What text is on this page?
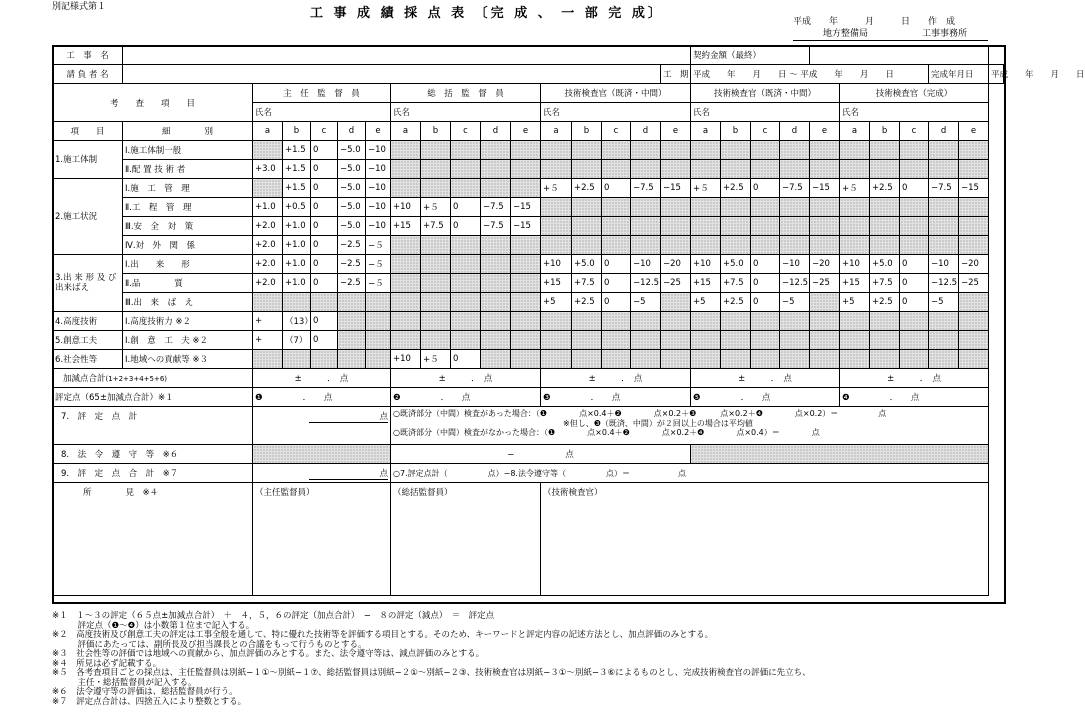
別記様式第１	工 事 成 績 採 点 表 〔完 成 、 一 部 完 成〕
平成　　年　　　月　　　日　　作　成
地方整備局　　　　　　工事事務所
工　事　名																	契約金額（最終）										
請 負 者 名																工　期	平成　　年　　月　　日 〜 平成　　年　　月　　日								完成年月日		平成　　年　　月　　日
考　　査　　項　　目		主　任　監　督　員					総　括　監　督　員					技術検査官（既済・中間）					技術検査官（既済・中間）					技術検査官（完成）					
		氏名					氏名					氏名					氏名					氏名					
項　　目	細　　　　別	a	b	c	d	e	a	b	c	d	e	a	b	c	d	e	a	b	c	d	e	a	b	c	d	e	
1.施工体制	Ⅰ.施工体制一般		+1.5	0	−5.0	−10																					
	Ⅱ.配 置 技 術 者	+3.0	+1.5	0	−5.0	−10																					
2.施工状況	Ⅰ.施　工　管　理		+1.5	0	−5.0	−10						+５	+2.5	0	−7.5	−15	+５	+2.5	0	−7.5	−15	+５	+2.5	0	−7.5	−15	
	Ⅱ.工　程　管　理	+1.0	+0.5	0	−5.0	−10	+10	+５	0	−7.5	−15																
	Ⅲ.安　全　対　策	+2.0	+1.0	0	−5.0	−10	+15	+7.5	0	−7.5	−15																
	Ⅳ.対　外　関　係	+2.0	+1.0	0	−2.5	−５																					
3.出 来 形 及 び 出来ばえ	Ⅰ.出　　来　　形	+2.0	+1.0	0	−2.5	−５						+10	+5.0	0	−10	−20	+10	+5.0	0	−10	−20	+10	+5.0	0	−10	−20	
	Ⅱ.品　　　　質	+2.0	+1.0	0	−2.5	−５						+15	+7.5	0	−12.5	−25	+15	+7.5	0	−12.5	−25	+15	+7.5	0	−12.5	−25	
	Ⅲ.出　来　ば　え											+5	+2.5	0	−5		+5	+2.5	0	−5		+5	+2.5	0	−5		
4.高度技術	Ⅰ.高度技術力 ※２	+	（13）	0																							
5.創意工夫	Ⅰ.創　意　工　夫 ※２	+	（7）	0																							
6.社会性等	Ⅰ.地域への貢献等 ※３						+10	+５	0																		
加減点合計(1+2+3+4+5+6)		±　　　．　点					±　　　．　点					±　　　．　点					±　　　．　点					±　　　．　点					
評定点（65±加減点合計）※１		❶ ．　　点					❷ ．　　点					❸ ．　　点					❺ ．　　点					❹ ．　　点					
7.　評　定　点　計		点					○既済部分（中間）検査があった場合：（❶　　　　点×0.4＋❷　　　　点×0.2＋❸　　　点×0.2＋❹　　　　点×0.2）＝　　　　　点
※但し、❸（既済、中間）が２回以上の場合は平均値
○既済部分（中間）検査がなかった場合：（❶　　　　点×0.4＋❷　　　　点×0.2＋❹　　　　点×0.4）＝　　　　点																				

8.　法　令　遵　守　等　※６							−　　　　　　点																				
9.　評　定　点　合　計　※７		点					○7.評定点計（　　　　　点）−8.法令遵守等（　　　　　点）＝　　　　　　点																				
所　　　　見　※４		（主任監督員）					（総括監督員）					（技術検査官）															
※１　１〜３の評定（６５点±加減点合計）　＋　４，５，６の評定（加点合計）　−　８の評定（減点）　＝　評定点
　　　評定点（❶〜❹）は小数第１位まで記入する。
※２　高度技術及び創意工夫の評定は工事全般を通して、特に優れた技術等を評価する項目とする。そのため、キーワードと評定内容の記述方法とし、加点評価のみとする。
　　　評価にあたっては、副所長及び担当課長との合議をもって行うものとする。
※３　社会性等の評価では地域への貢献から、加点評価のみとする。また、法令遵守等は、減点評価のみとする。
※４　所見は必ず記載する。
※５　各考査項目ごとの採点は、主任監督員は別紙−１①〜別紙−１⑦、総括監督員は別紙−２①〜別紙−２③、技術検査官は別紙−３①〜別紙−３⑥によるものとし、完成技術検査官の評価に先立ち、
　　　主任・総括監督員が記入する。
※６　法令遵守等の評価は、総括監督員が行う。
※７　評定点合計は、四捨五入により整数とする。
